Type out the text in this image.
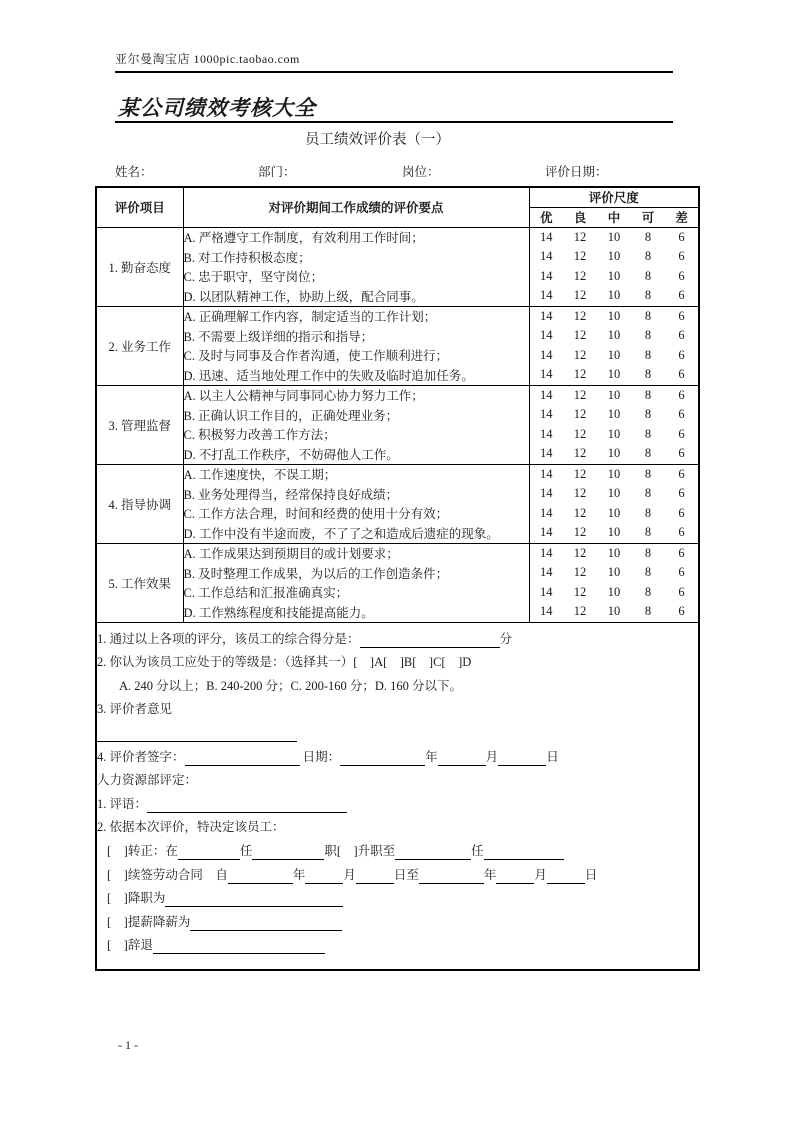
亚尔曼淘宝店 1000pic.taobao.com
某公司绩效考核大全
员工绩效评价表（一）
姓名：	部门：	岗位：	评价日期：
评价项目	对评价期间工作成绩的评价要点	评价尺度				
		优	良	中	可	差
1. 勤奋态度	A. 严格遵守工作制度，有效利用工作时间；	14	12	10	8	6
	B. 对工作持积极态度；	14	12	10	8	6
	C. 忠于职守，坚守岗位；	14	12	10	8	6
	D. 以团队精神工作，协助上级，配合同事。	14	12	10	8	6
2. 业务工作	A. 正确理解工作内容，制定适当的工作计划；	14	12	10	8	6
	B. 不需要上级详细的指示和指导；	14	12	10	8	6
	C. 及时与同事及合作者沟通，使工作顺利进行；	14	12	10	8	6
	D. 迅速、适当地处理工作中的失败及临时追加任务。	14	12	10	8	6
3. 管理监督	A. 以主人公精神与同事同心协力努力工作；	14	12	10	8	6
	B. 正确认识工作目的，正确处理业务；	14	12	10	8	6
	C. 积极努力改善工作方法；	14	12	10	8	6
	D. 不打乱工作秩序，不妨碍他人工作。	14	12	10	8	6
4. 指导协调	A. 工作速度快，不误工期；	14	12	10	8	6
	B. 业务处理得当，经常保持良好成绩；	14	12	10	8	6
	C. 工作方法合理，时间和经费的使用十分有效；	14	12	10	8	6
	D. 工作中没有半途而废，不了了之和造成后遗症的现象。	14	12	10	8	6
5. 工作效果	A. 工作成果达到预期目的或计划要求；	14	12	10	8	6
	B. 及时整理工作成果，为以后的工作创造条件；	14	12	10	8	6
	C. 工作总结和汇报准确真实；	14	12	10	8	6
	D. 工作熟练程度和技能提高能力。	14	12	10	8	6

1. 通过以上各项的评分，该员工的综合得分是：	分
2. 你认为该员工应处于的等级是：（选择其一）[　]A[　]B[　]C[　]D
A. 240 分以上；B. 240-200 分；C. 200-160 分；D. 160 分以下。
3. 评价者意见
4. 评价者签字：	日期：	年	月	日
人力资源部评定：
1. 评语：
2. 依据本次评价，特决定该员工：
[　]转正：在	任	职[　]升职至	任
[　]续签劳动合同　自	年	月	日至	年	月	日
[　]降职为
[　]提薪降薪为
[　]辞退
- 1 -
